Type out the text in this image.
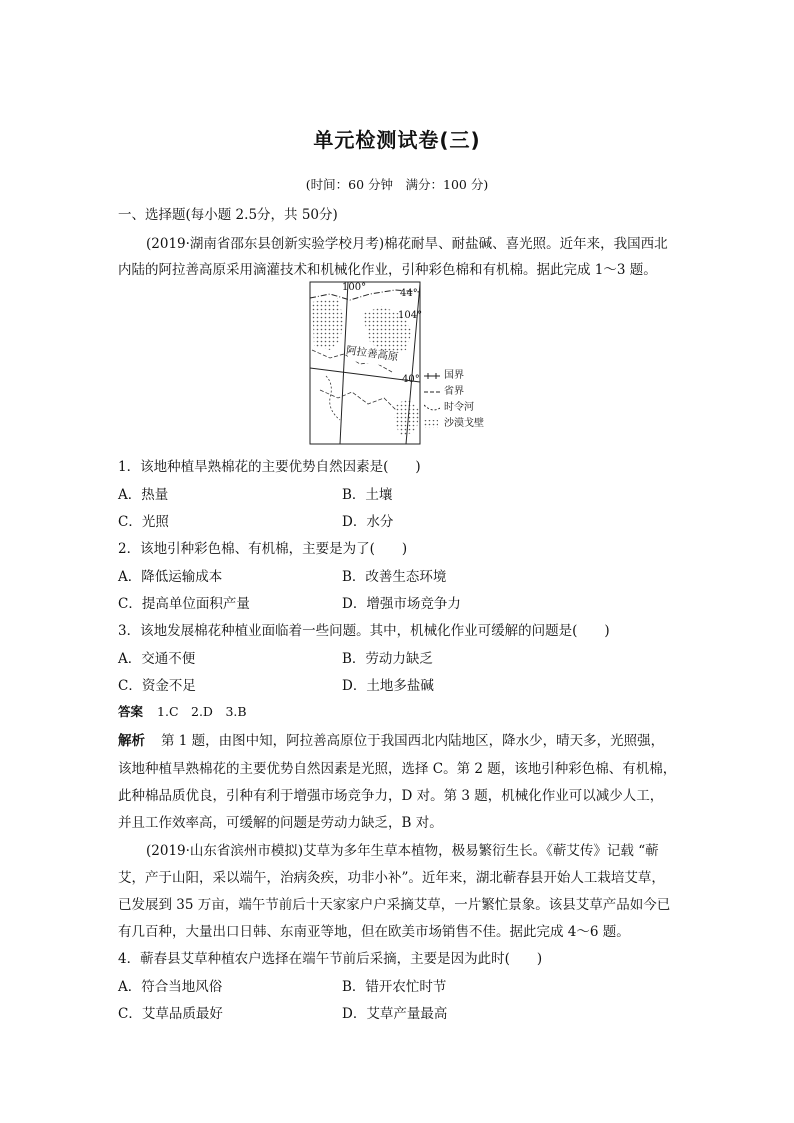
单元检测试卷(三)
(时间：60 分钟　满分：100 分)
一、选择题(每小题 2.5分，共 50分)
(2019·湖南省邵东县创新实验学校月考)棉花耐旱、耐盐碱、喜光照。近年来，我国西北
内陆的阿拉善高原采用滴灌技术和机械化作业，引种彩色棉和有机棉。据此完成 1～3 题。
100°
44°
104°
40°
阿拉善高原
国界
省界
时令河
沙漠戈壁
1．该地种植旱熟棉花的主要优势自然因素是(　　)
A．热量	B．土壤
C．光照	D．水分
2．该地引种彩色棉、有机棉，主要是为了(　　)
A．降低运输成本	B．改善生态环境
C．提高单位面积产量	D．增强市场竞争力
3．该地发展棉花种植业面临着一些问题。其中，机械化作业可缓解的问题是(　　)
A．交通不便	B．劳动力缺乏
C．资金不足	D．土地多盐碱
答案 1.C　2.D　3.B
解析 第 1 题，由图中知，阿拉善高原位于我国西北内陆地区，降水少，晴天多，光照强，
该地种植旱熟棉花的主要优势自然因素是光照，选择 C。第 2 题，该地引种彩色棉、有机棉，
此种棉品质优良，引种有利于增强市场竞争力，D 对。第 3 题，机械化作业可以减少人工，
并且工作效率高，可缓解的问题是劳动力缺乏，B 对。
(2019·山东省滨州市模拟)艾草为多年生草本植物，极易繁衍生长。《蕲艾传》记载 “蕲
艾，产于山阳，采以端午，治病灸疾，功非小补”。近年来，湖北蕲春县开始人工栽培艾草，
已发展到 35 万亩，端午节前后十天家家户户采摘艾草，一片繁忙景象。该县艾草产品如今已
有几百种，大量出口日韩、东南亚等地，但在欧美市场销售不佳。据此完成 4～6 题。
4．蕲春县艾草种植农户选择在端午节前后采摘，主要是因为此时(　　)
A．符合当地风俗	B．错开农忙时节
C．艾草品质最好	D．艾草产量最高
